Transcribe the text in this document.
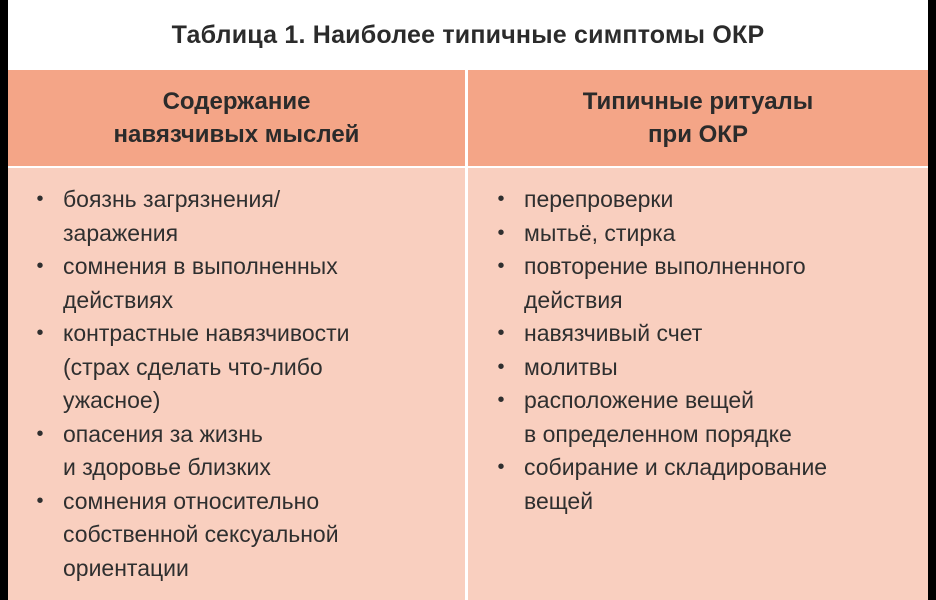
Таблица 1. Наиболее типичные симптомы ОКР
Содержание
навязчивых мыслей
Типичные ритуалы
при ОКР
• боязнь загрязнения/
заражения
• сомнения в выполненных
действиях
• контрастные навязчивости
(страх сделать что-либо
ужасное)
• опасения за жизнь
и здоровье близких
• сомнения относительно
собственной сексуальной
ориентации
• перепроверки
• мытьё, стирка
• повторение выполненного
действия
• навязчивый счет
• молитвы
• расположение вещей
в определенном порядке
• собирание и складирование
вещей
